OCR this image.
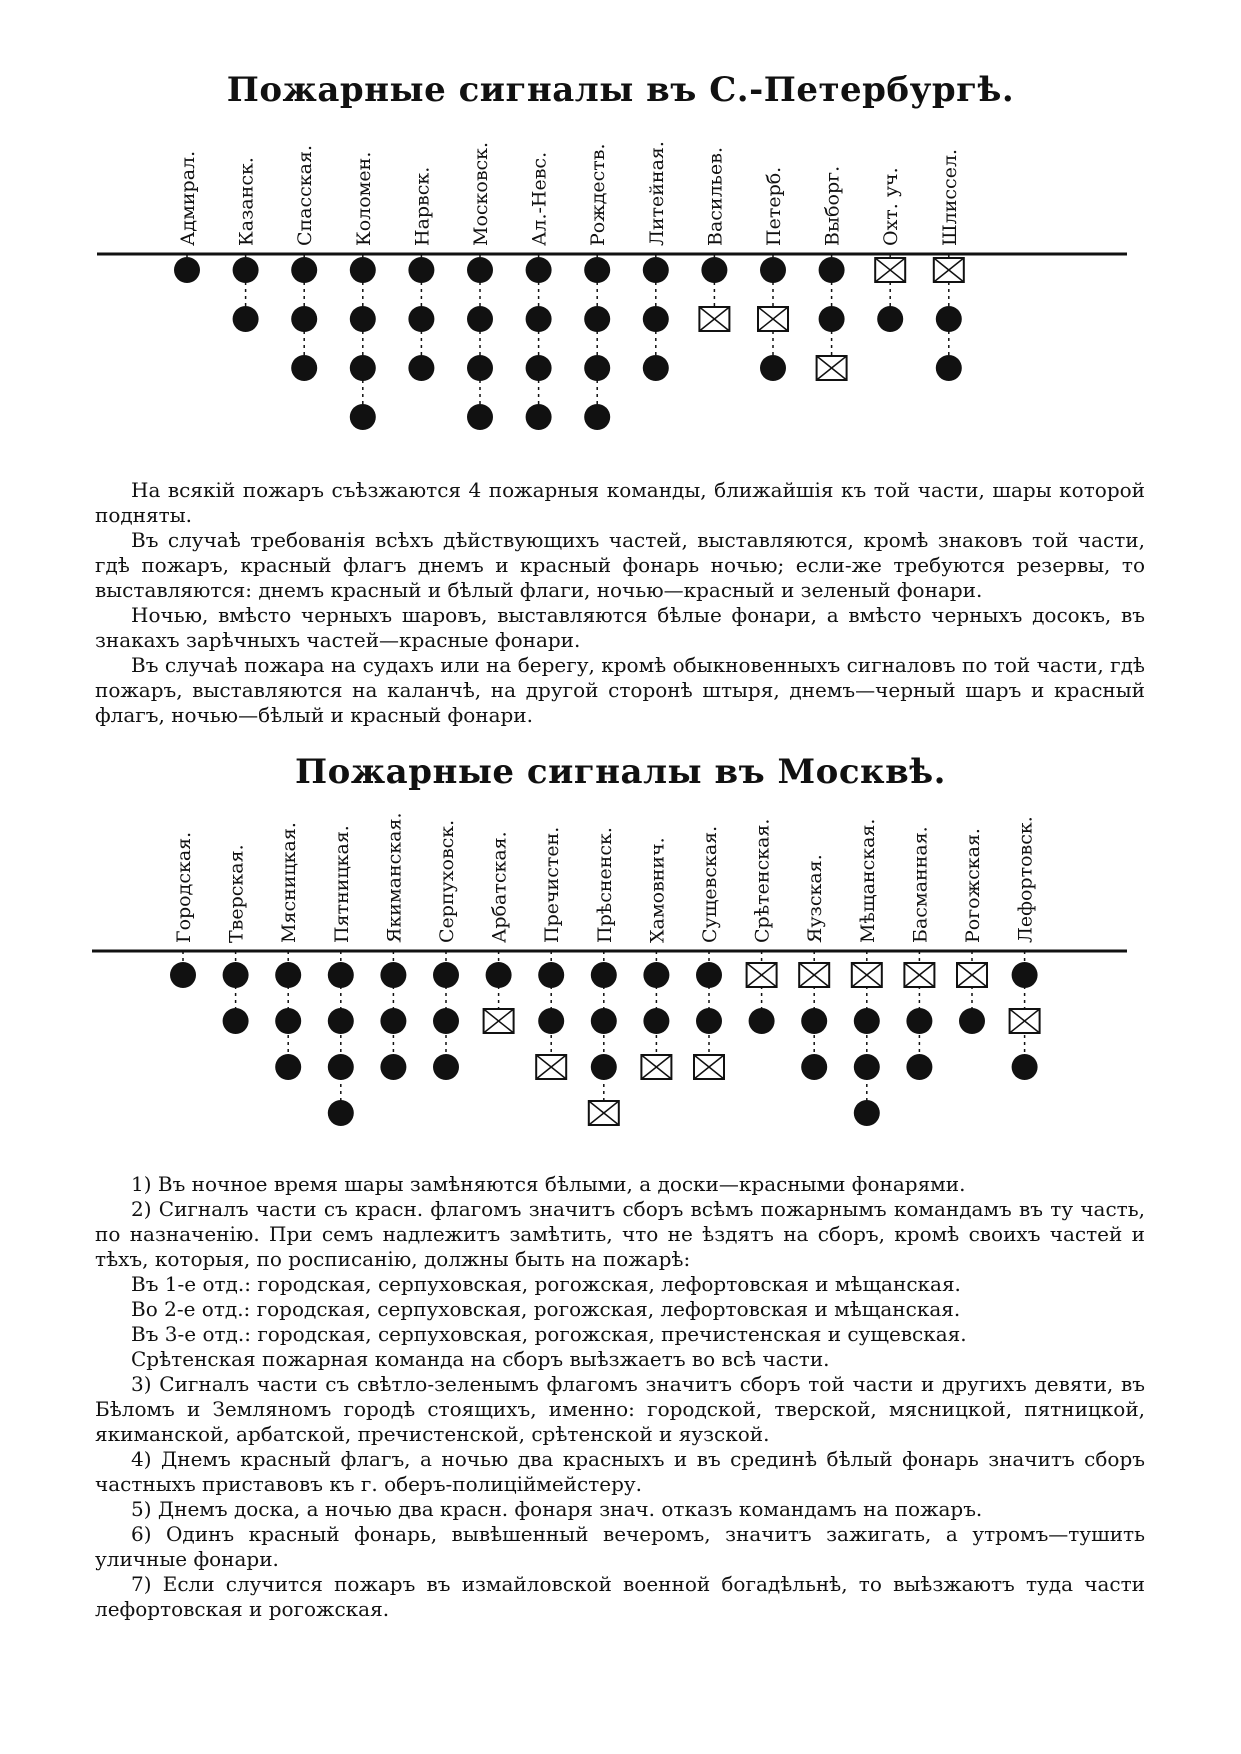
Пожарные сигналы въ С.-Петербургѣ.
Адмирал. Казанск. Спасская. Коломен. Нарвск. Московск. Ал.-Невс. Рождеств. Литейная. Васильев. Петерб. Выборг. Охт. уч. Шлиссел.

На всякій пожаръ съѣзжаются 4 пожарныя команды, ближайшія къ той части, шары которой подняты.

Въ случаѣ требованія всѣхъ дѣйствующихъ частей, выставляются, кромѣ знаковъ той части, гдѣ пожаръ, красный флагъ днемъ и красный фонарь ночью; если-же требуются резервы, то выставляются: днемъ красный и бѣлый флаги, ночью—красный и зеленый фонари.

Ночью, вмѣсто черныхъ шаровъ, выставляются бѣлые фонари, а вмѣсто черныхъ досокъ, въ знакахъ зарѣчныхъ частей—красные фонари.

Въ случаѣ пожара на судахъ или на берегу, кромѣ обыкновенныхъ сигналовъ по той части, гдѣ пожаръ, выставляются на каланчѣ, на другой сторонѣ штыря, днемъ—черный шаръ и красный флагъ, ночью—бѣлый и красный фонари.

Пожарные сигналы въ Москвѣ.
Городская. Тверская. Мясницкая. Пятницкая. Якиманская. Серпуховск. Арбатская. Пречистен. Прѣсненск. Хамовнич. Сущевская. Срѣтенская. Яузская. Мѣщанская. Басманная. Рогожская. Лефортовск.

1) Въ ночное время шары замѣняются бѣлыми, а доски—красными фонарями.

2) Сигналъ части съ красн. флагомъ значитъ сборъ всѣмъ пожарнымъ командамъ въ ту часть, по назначенію. При семъ надлежитъ замѣтить, что не ѣздятъ на сборъ, кромѣ своихъ частей и тѣхъ, которыя, по росписанію, должны быть на пожарѣ:

Въ 1-е отд.: городская, серпуховская, рогожская, лефортовская и мѣщанская.

Во 2-е отд.: городская, серпуховская, рогожская, лефортовская и мѣщанская.

Въ 3-е отд.: городская, серпуховская, рогожская, пречистенская и сущевская.

Срѣтенская пожарная команда на сборъ выѣзжаетъ во всѣ части.

3) Сигналъ части съ свѣтло-зеленымъ флагомъ значитъ сборъ той части и другихъ девяти, въ Бѣломъ и Земляномъ городѣ стоящихъ, именно: городской, тверской, мясницкой, пятницкой, якиманской, арбатской, пречистенской, срѣтенской и яузской.

4) Днемъ красный флагъ, а ночью два красныхъ и въ срединѣ бѣлый фонарь значитъ сборъ частныхъ приставовъ къ г. оберъ-полиціймейстеру.

5) Днемъ доска, а ночью два красн. фонаря знач. отказъ командамъ на пожаръ.

6) Одинъ красный фонарь, вывѣшенный вечеромъ, значитъ зажигать, а утромъ—тушить уличные фонари.

7) Если случится пожаръ въ измайловской военной богадѣльнѣ, то выѣзжаютъ туда части лефортовская и рогожская.
